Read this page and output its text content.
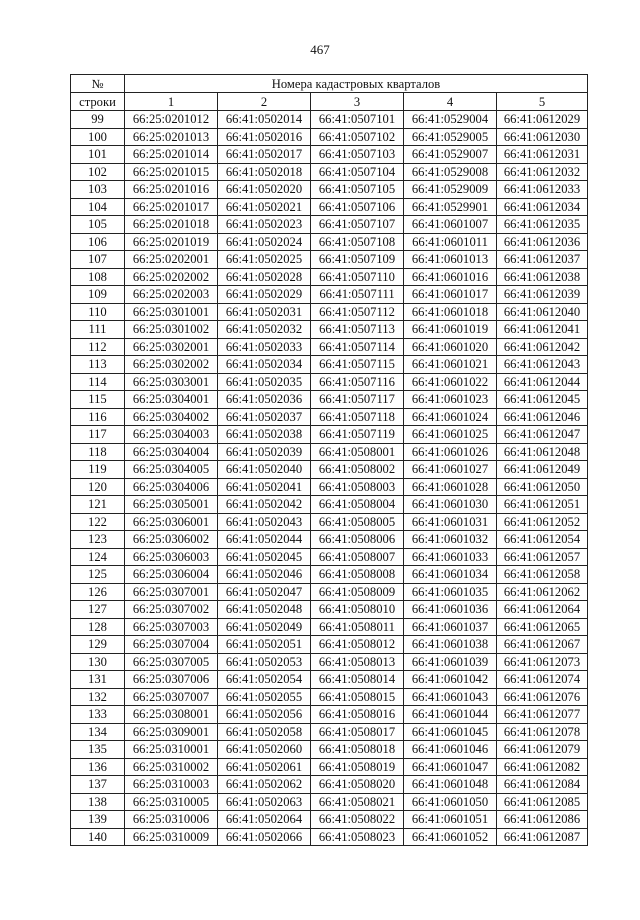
467
№	Номера кадастровых кварталов				
строки	1	2	3	4	5
99	66:25:0201012	66:41:0502014	66:41:0507101	66:41:0529004	66:41:0612029
100	66:25:0201013	66:41:0502016	66:41:0507102	66:41:0529005	66:41:0612030
101	66:25:0201014	66:41:0502017	66:41:0507103	66:41:0529007	66:41:0612031
102	66:25:0201015	66:41:0502018	66:41:0507104	66:41:0529008	66:41:0612032
103	66:25:0201016	66:41:0502020	66:41:0507105	66:41:0529009	66:41:0612033
104	66:25:0201017	66:41:0502021	66:41:0507106	66:41:0529901	66:41:0612034
105	66:25:0201018	66:41:0502023	66:41:0507107	66:41:0601007	66:41:0612035
106	66:25:0201019	66:41:0502024	66:41:0507108	66:41:0601011	66:41:0612036
107	66:25:0202001	66:41:0502025	66:41:0507109	66:41:0601013	66:41:0612037
108	66:25:0202002	66:41:0502028	66:41:0507110	66:41:0601016	66:41:0612038
109	66:25:0202003	66:41:0502029	66:41:0507111	66:41:0601017	66:41:0612039
110	66:25:0301001	66:41:0502031	66:41:0507112	66:41:0601018	66:41:0612040
111	66:25:0301002	66:41:0502032	66:41:0507113	66:41:0601019	66:41:0612041
112	66:25:0302001	66:41:0502033	66:41:0507114	66:41:0601020	66:41:0612042
113	66:25:0302002	66:41:0502034	66:41:0507115	66:41:0601021	66:41:0612043
114	66:25:0303001	66:41:0502035	66:41:0507116	66:41:0601022	66:41:0612044
115	66:25:0304001	66:41:0502036	66:41:0507117	66:41:0601023	66:41:0612045
116	66:25:0304002	66:41:0502037	66:41:0507118	66:41:0601024	66:41:0612046
117	66:25:0304003	66:41:0502038	66:41:0507119	66:41:0601025	66:41:0612047
118	66:25:0304004	66:41:0502039	66:41:0508001	66:41:0601026	66:41:0612048
119	66:25:0304005	66:41:0502040	66:41:0508002	66:41:0601027	66:41:0612049
120	66:25:0304006	66:41:0502041	66:41:0508003	66:41:0601028	66:41:0612050
121	66:25:0305001	66:41:0502042	66:41:0508004	66:41:0601030	66:41:0612051
122	66:25:0306001	66:41:0502043	66:41:0508005	66:41:0601031	66:41:0612052
123	66:25:0306002	66:41:0502044	66:41:0508006	66:41:0601032	66:41:0612054
124	66:25:0306003	66:41:0502045	66:41:0508007	66:41:0601033	66:41:0612057
125	66:25:0306004	66:41:0502046	66:41:0508008	66:41:0601034	66:41:0612058
126	66:25:0307001	66:41:0502047	66:41:0508009	66:41:0601035	66:41:0612062
127	66:25:0307002	66:41:0502048	66:41:0508010	66:41:0601036	66:41:0612064
128	66:25:0307003	66:41:0502049	66:41:0508011	66:41:0601037	66:41:0612065
129	66:25:0307004	66:41:0502051	66:41:0508012	66:41:0601038	66:41:0612067
130	66:25:0307005	66:41:0502053	66:41:0508013	66:41:0601039	66:41:0612073
131	66:25:0307006	66:41:0502054	66:41:0508014	66:41:0601042	66:41:0612074
132	66:25:0307007	66:41:0502055	66:41:0508015	66:41:0601043	66:41:0612076
133	66:25:0308001	66:41:0502056	66:41:0508016	66:41:0601044	66:41:0612077
134	66:25:0309001	66:41:0502058	66:41:0508017	66:41:0601045	66:41:0612078
135	66:25:0310001	66:41:0502060	66:41:0508018	66:41:0601046	66:41:0612079
136	66:25:0310002	66:41:0502061	66:41:0508019	66:41:0601047	66:41:0612082
137	66:25:0310003	66:41:0502062	66:41:0508020	66:41:0601048	66:41:0612084
138	66:25:0310005	66:41:0502063	66:41:0508021	66:41:0601050	66:41:0612085
139	66:25:0310006	66:41:0502064	66:41:0508022	66:41:0601051	66:41:0612086
140	66:25:0310009	66:41:0502066	66:41:0508023	66:41:0601052	66:41:0612087
